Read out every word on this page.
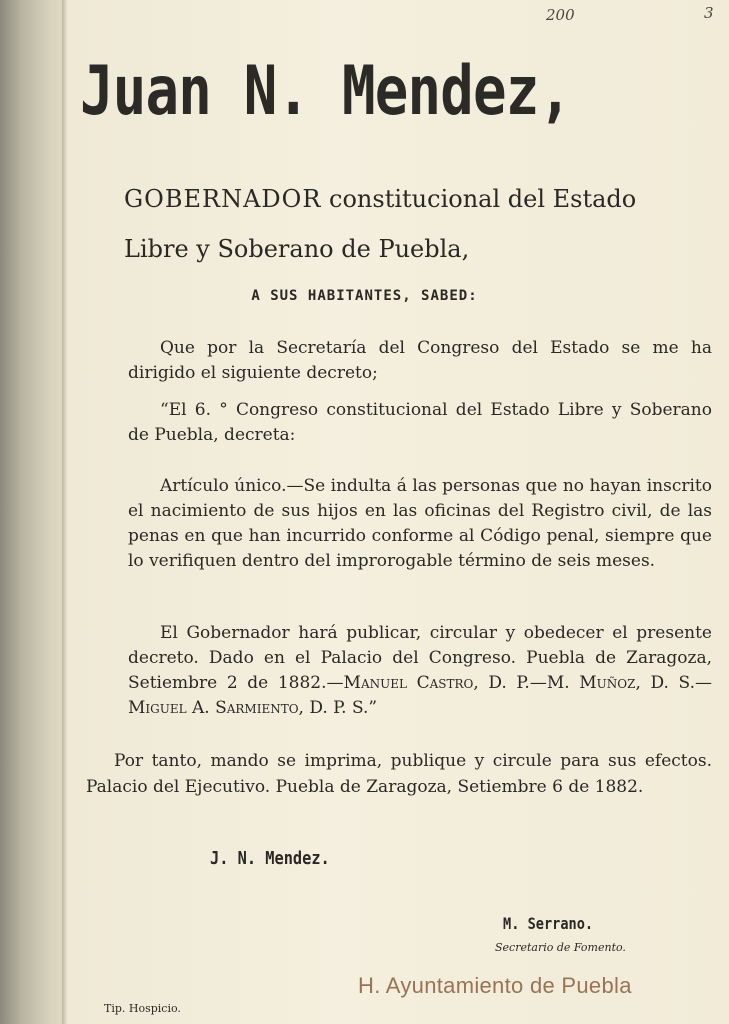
200	3
Juan N. Mendez,
GOBERNADOR constitucional del Estado
Libre y Soberano de Puebla,
A SUS HABITANTES, SABED:

Que por la Secretaría del Congreso del Estado se me ha dirigido el siguiente decreto;

“El 6. ° Congreso constitucional del Estado Libre y Soberano de Puebla, decreta:

Artículo único.—Se indulta á las personas que no hayan inscrito el nacimiento de sus hijos en las oficinas del Registro civil, de las penas en que han incurrido conforme al Código penal, siempre que lo verifiquen dentro del improrogable término de seis meses.

El Gobernador hará publicar, circular y obedecer el presente decreto. Dado en el Palacio del Congreso. Puebla de Zaragoza, Setiembre 2 de 1882.—Manuel Castro, D. P.—M. Muñoz, D. S.—Miguel A. Sarmiento, D. P. S.”

Por tanto, mando se imprima, publique y circule para sus efectos. Palacio del Ejecutivo. Puebla de Zaragoza, Setiembre 6 de 1882.

J. N. Mendez.
M. Serrano.
Secretario de Fomento.
Tip. Hospicio.
H. Ayuntamiento de Puebla
